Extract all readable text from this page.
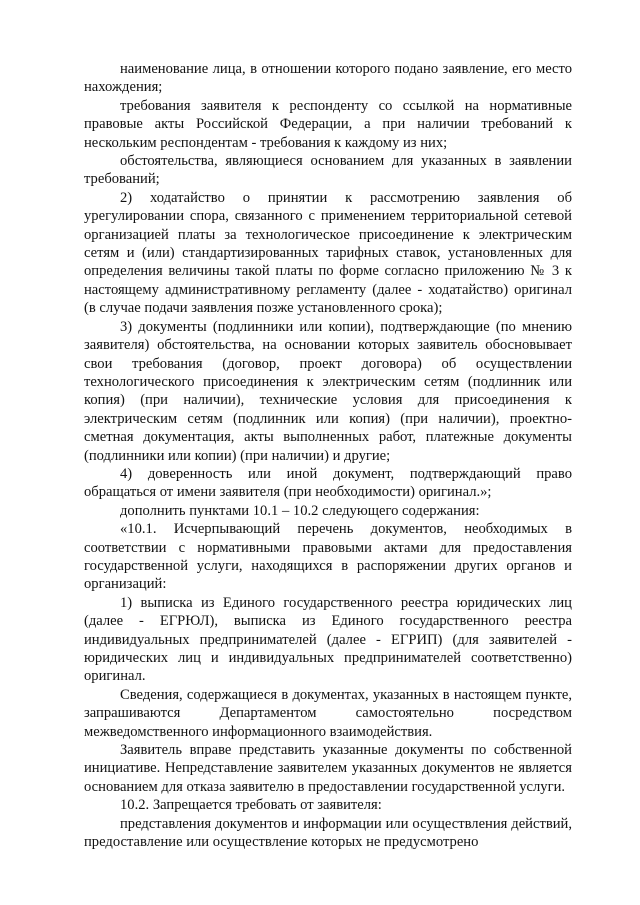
наименование лица, в отношении которого подано заявление, его место нахождения;

требования заявителя к респонденту со ссылкой на нормативные правовые акты Российской Федерации, а при наличии требований к нескольким респондентам - требования к каждому из них;

обстоятельства, являющиеся основанием для указанных в заявлении требований;

2) ходатайство о принятии к рассмотрению заявления об урегулировании спора, связанного с применением территориальной сетевой организацией платы за технологическое присоединение к электрическим сетям и (или) стандартизированных тарифных ставок, установленных для определения величины такой платы по форме согласно приложению № 3 к настоящему административному регламенту (далее - ходатайство) оригинал (в случае подачи заявления позже установленного срока);

3) документы (подлинники или копии), подтверждающие (по мнению заявителя) обстоятельства, на основании которых заявитель обосновывает свои требования (договор, проект договора) об осуществлении технологического присоединения к электрическим сетям (подлинник или копия) (при наличии), технические условия для присоединения к электрическим сетям (подлинник или копия) (при наличии), проектно-сметная документация, акты выполненных работ, платежные документы (подлинники или копии) (при наличии) и другие;

4) доверенность или иной документ, подтверждающий право обращаться от имени заявителя (при необходимости) оригинал.»;

дополнить пунктами 10.1 – 10.2 следующего содержания:

«10.1. Исчерпывающий перечень документов, необходимых в соответствии с нормативными правовыми актами для предоставления государственной услуги, находящихся в распоряжении других органов и организаций:

1) выписка из Единого государственного реестра юридических лиц (далее - ЕГРЮЛ), выписка из Единого государственного реестра индивидуальных предпринимателей (далее - ЕГРИП) (для заявителей - юридических лиц и индивидуальных предпринимателей соответственно) оригинал.

Сведения, содержащиеся в документах, указанных в настоящем пункте, запрашиваются Департаментом самостоятельно посредством межведомственного информационного взаимодействия.

Заявитель вправе представить указанные документы по собственной инициативе. Непредставление заявителем указанных документов не является основанием для отказа заявителю в предоставлении государственной услуги.

10.2. Запрещается требовать от заявителя:

представления документов и информации или осуществления действий, предоставление или осуществление которых не предусмотрено
